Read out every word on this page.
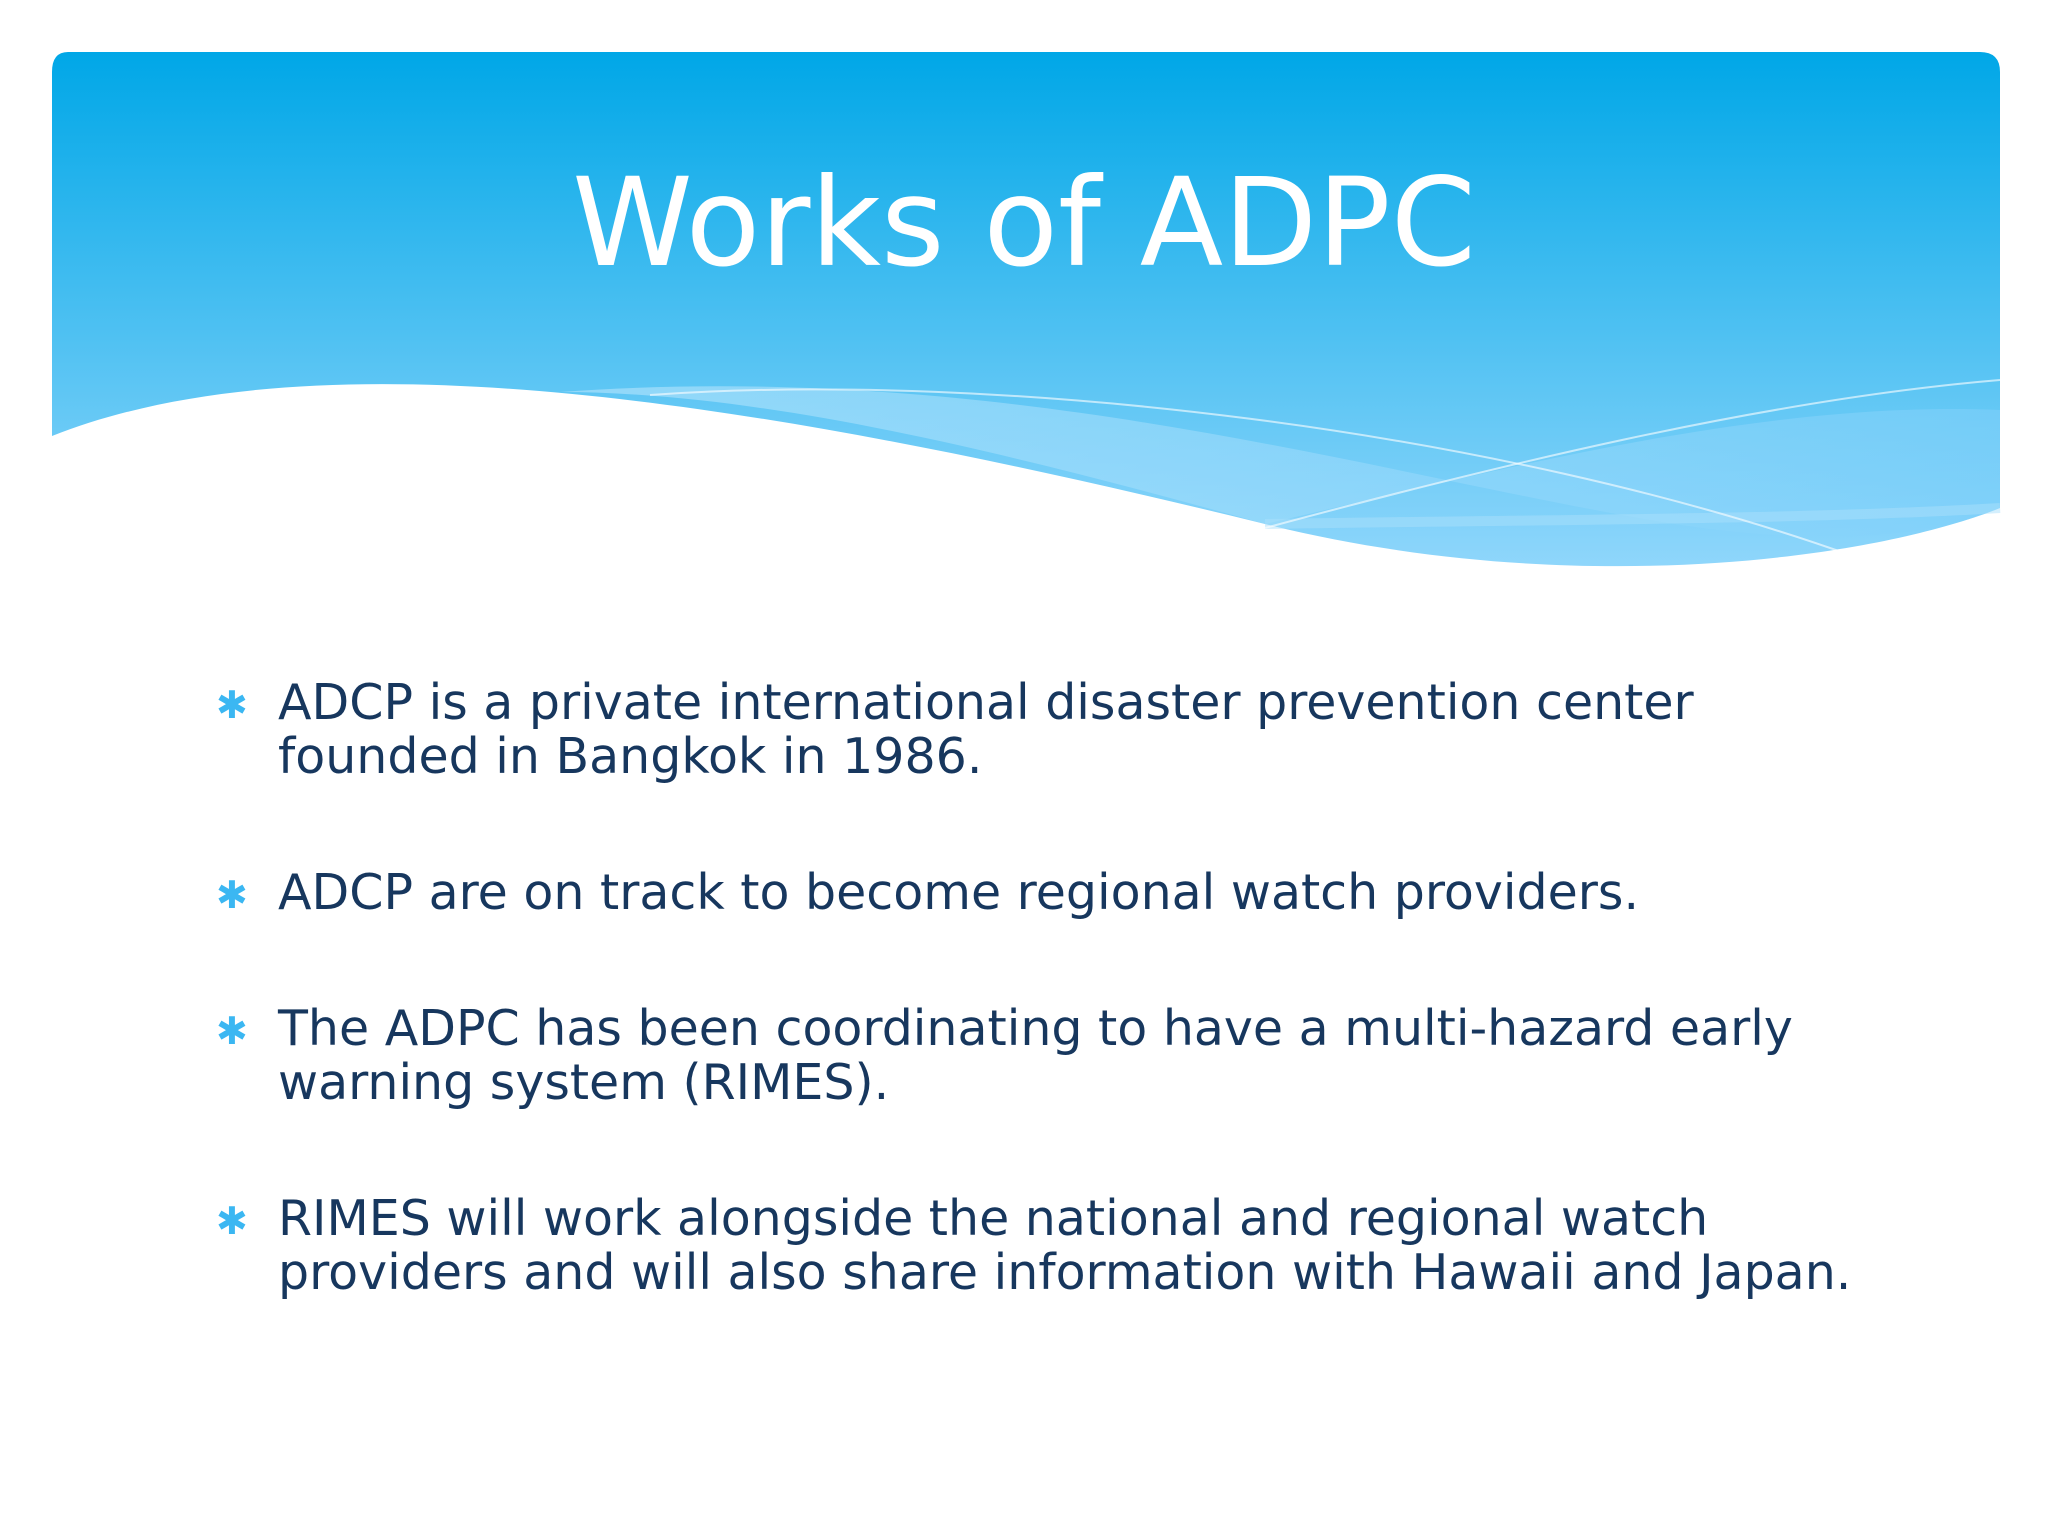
Works of ADPC
✱ ADCP is a private international disaster prevention center founded in Bangkok in 1986.
✱ ADCP are on track to become regional watch providers.
✱ The ADPC has been coordinating to have a multi-hazard early warning system (RIMES).
✱ RIMES will work alongside the national and regional watch providers and will also share information with Hawaii and Japan.
